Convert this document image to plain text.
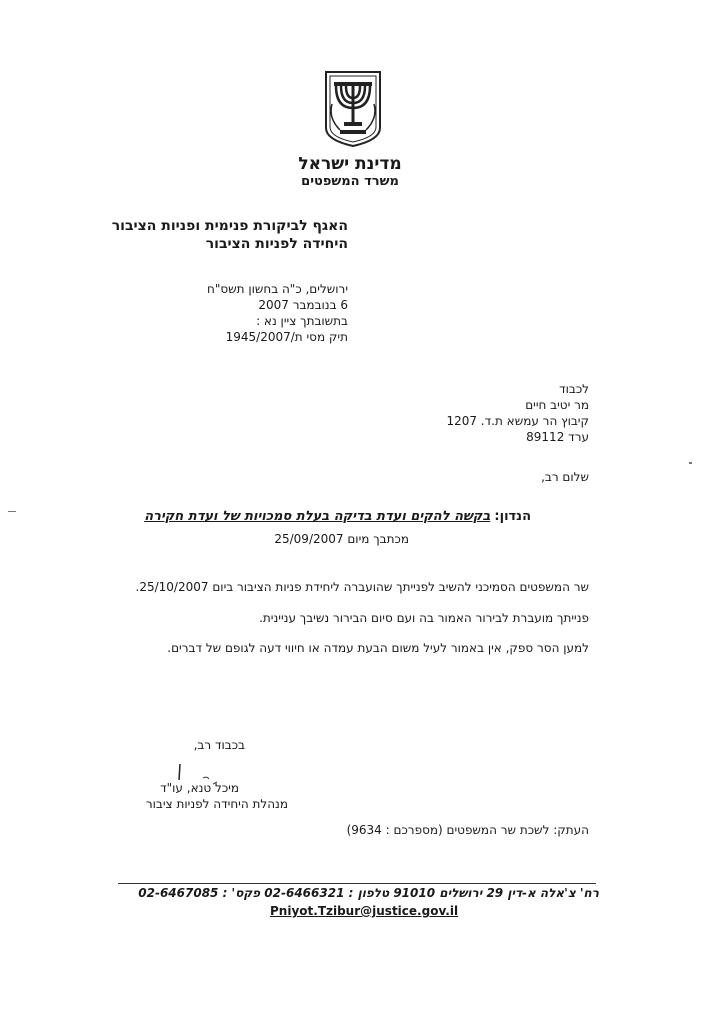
מדינת ישראל
משרד המשפטים
האגף לביקורת פנימית ופניות הציבור
היחידה לפניות הציבור
ירושלים, כ"ה בחשון תשס"ח
6 בנובמבר 2007
בתשובתך ציין נא :
תיק מסי ת/1945/2007
לכבוד
מר יטיב חיים
קיבוץ הר עמשא ת.ד. 1207
ערד 89112
שלום רב,
הנדון: בקשה להקים ועדת בדיקה בעלת סמכויות של ועדת חקירה
מכתבך מיום 25/09/2007
שר המשפטים הסמיכני להשיב לפנייתך שהועברה ליחידת פניות הציבור ביום 25/10/2007.
פנייתך מועברת לבירור האמור בה ועם סיום הבירור נשיבך עניינית.
למען הסר ספק, אין באמור לעיל משום הבעת עמדה או חיווי דעה לגופם של דברים.
בכבוד רב,
מיכל טנא, עו"ד
מנהלת היחידה לפניות ציבור
העתק: לשכת שר המשפטים (מספרכם : 9634)
רח' צ'אלה א-דין 29 ירושלים 91010 טלפון : 02-6466321 פקס' : 02-6467085
Pniyot.Tzibur@justice.gov.il
